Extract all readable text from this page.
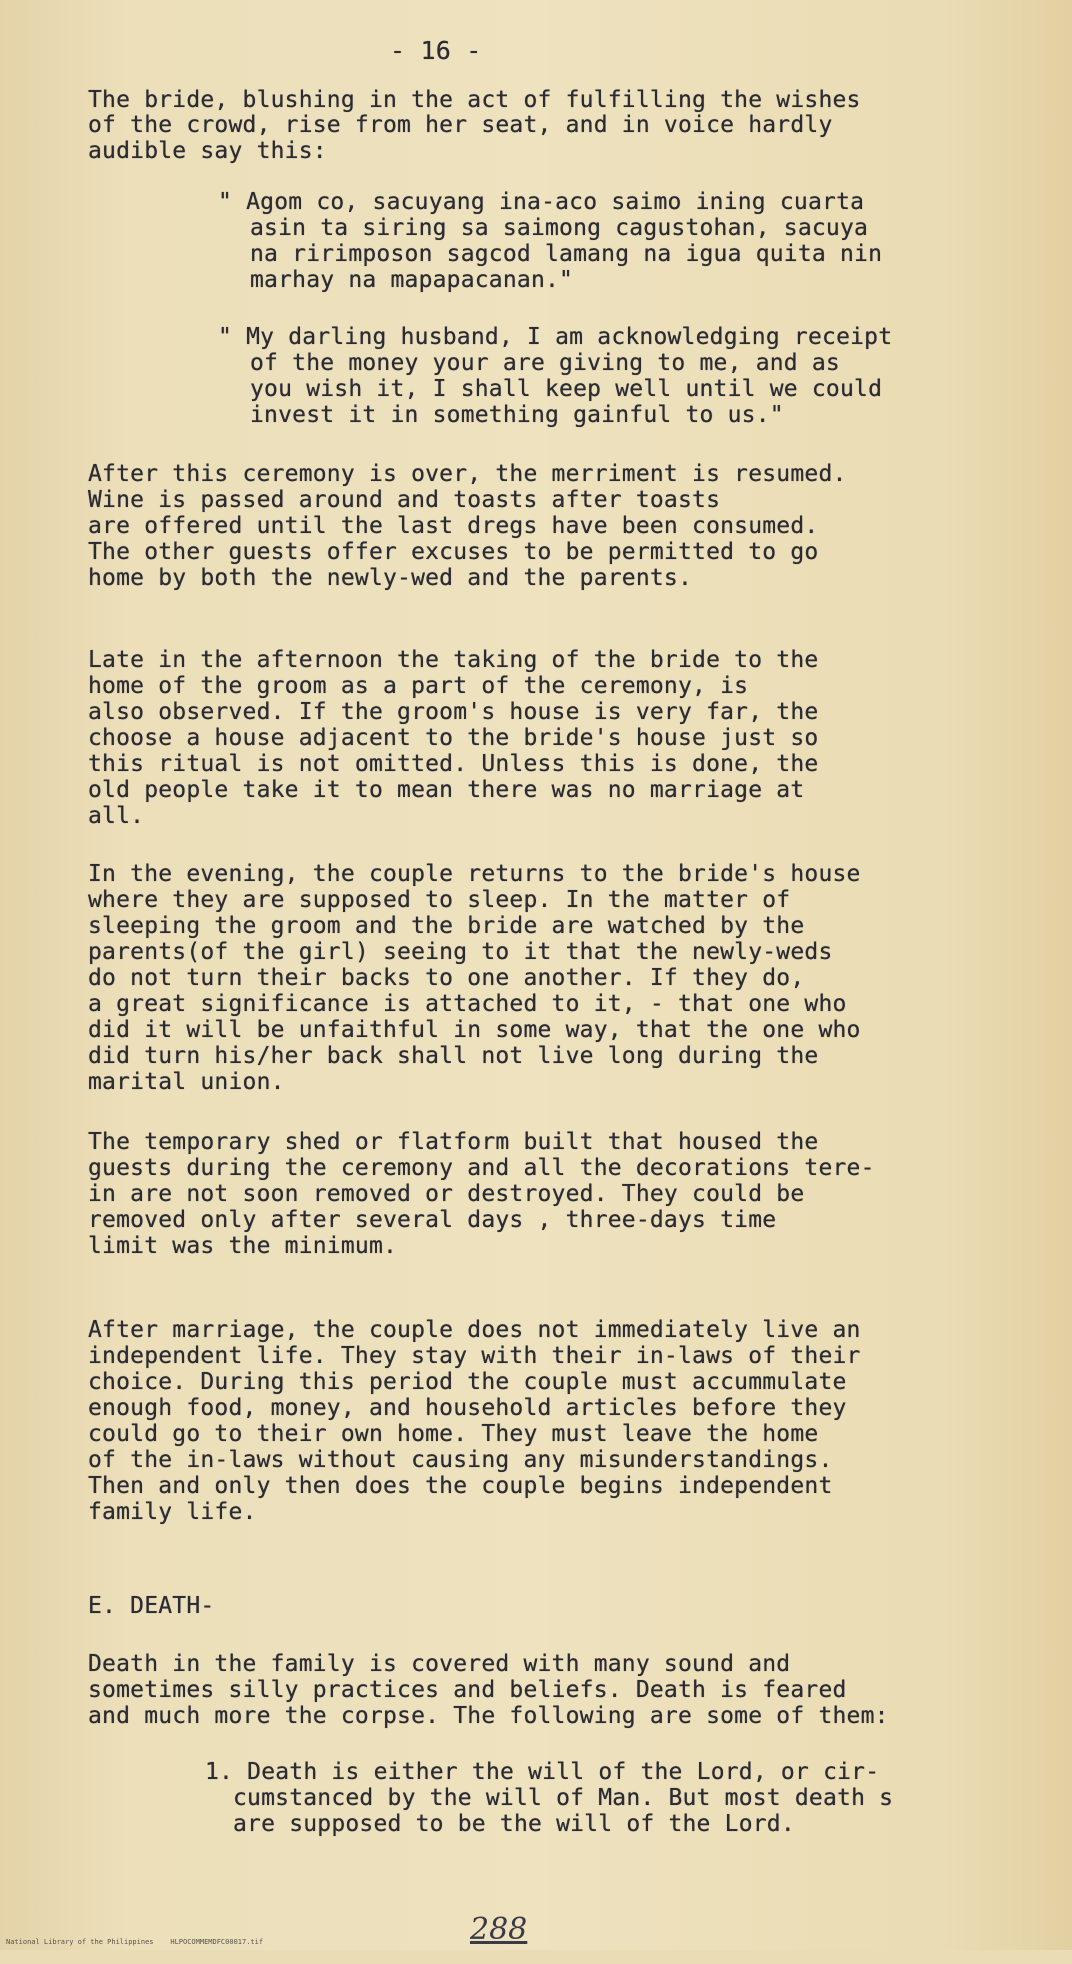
- 16 -

The bride, blushing in the act of fulfilling the wishes

of the crowd, rise from her seat, and in voice hardly

audible say this:

" Agom co, sacuyang ina-aco saimo ining cuarta

asin ta siring sa saimong cagustohan, sacuya

na ririmposon sagcod lamang na igua quita nin

marhay na mapapacanan."

" My darling husband, I am acknowledging receipt

of the money your are giving to me, and as

you wish it, I shall keep well until we could

invest it in something gainful to us."

After this ceremony is over, the merriment is resumed.

Wine is passed around and toasts after toasts

are offered until the last dregs have been consumed.

The other guests offer excuses to be permitted to go

home by both the newly-wed and the parents.

Late in the afternoon the taking of the bride to the

home of the groom as a part of the ceremony, is

also observed. If the groom's house is very far, the

choose a house adjacent to the bride's house just so

this ritual is not omitted. Unless this is done, the

old people take it to mean there was no marriage at

all.

In the evening, the couple returns to the bride's house

where they are supposed to sleep. In the matter of

sleeping the groom and the bride are watched by the

parents(of the girl) seeing to it that the newly-weds

do not turn their backs to one another. If they do,

a great significance is attached to it, - that one who

did it will be unfaithful in some way, that the one who

did turn his/her back shall not live long during the

marital union.

The temporary shed or flatform built that housed the

guests during the ceremony and all the decorations tere-

in are not soon removed or destroyed. They could be

removed only after several days , three-days time

limit was the minimum.

After marriage, the couple does not immediately live an

independent life. They stay with their in-laws of their

choice. During this period the couple must accummulate

enough food, money, and household articles before they

could go to their own home. They must leave the home

of the in-laws without causing any misunderstandings.

Then and only then does the couple begins independent

family life.

E. DEATH-

Death in the family is covered with many sound and

sometimes silly practices and beliefs. Death is feared

and much more the corpse. The following are some of them:

1. Death is either the will of the Lord, or cir-

cumstanced by the will of Man. But most death s

are supposed to be the will of the Lord.

288
National Library of the Philippines    HLPOCOMMEMDFC00017.tif
